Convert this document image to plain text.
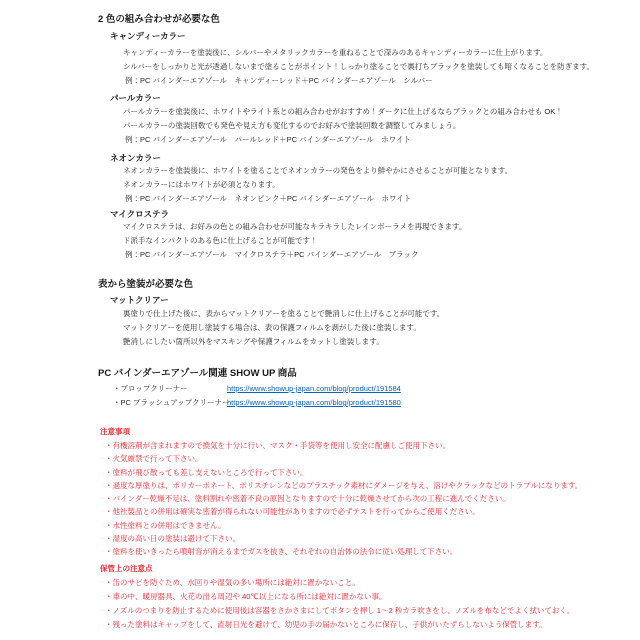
2 色の組み合わせが必要な色
キャンディーカラー
キャンディーカラーを塗装後に、シルバーやメタリックカラーを重ねることで深みのあるキャンディーカラーに仕上がります。
シルバーをしっかりと光が透過しないまで塗ることがポイント！しっかり塗ることで裏打ちブラックを塗装しても暗くなることを防ぎます。
例：PC バインダーエアゾール　キャンディーレッド＋PC バインダーエアゾール　シルバー
パールカラー
パールカラーを塗装後に、ホワイトやライト系との組み合わせがおすすめ！ダークに仕上げるならブラックとの組み合わせも OK！
パールカラーの塗装回数でも発色や見え方も変化するのでお好みで塗装回数を調整してみましょう。
例：PC バインダーエアゾール　パールレッド＋PC バインダーエアゾール　ホワイト
ネオンカラー
ネオンカラーを塗装後に、ホワイトを塗ることでネオンカラーの発色をより鮮やかにさせることが可能となります。
ネオンカラーにはホワイトが必須となります。
例：PC バインダーエアゾール　ネオンピンク＋PC バインダーエアゾール　ホワイト
マイクロステラ
マイクロステラは、お好みの色との組み合わせが可能なキラキラしたレインボーラメを再現できます。
ド派手なインパクトのある色に仕上げることが可能です！
例：PC バインダーエアゾール　マイクロステラ＋PC バインダーエアゾール　ブラック
表から塗装が必要な色
マットクリアー
裏塗りで仕上げた後に、表からマットクリアーを塗ることで艶消しに仕上げることが可能です。
マットクリアーを使用し塗装する場合は、表の保護フィルムを剥がした後に塗装します。
艶消しにしたい箇所以外をマスキングや保護フィルムをカットし塗装します。
PC バインダーエアゾール関連 SHOW UP 商品
・ブロップクリーナー	https://www.showup-japan.com/blog/product/191584
・PC ブラッシュアップクリーナーhttps://www.showup-japan.com/blog/product/191580
注意事項
・有機溶剤が含まれますので換気を十分に行い、マスク・手袋等を使用し安全に配慮しご使用下さい。
・火気厳禁で行って下さい。
・塗料が飛び散っても差し支えないところで行って下さい。
・過度な厚塗りは、ポリカーボネート、ポリスチレンなどのプラスチック素材にダメージを与え、溶けやクラックなどのトラブルになります。
・バインダー乾燥不足は、塗料割れや密着不良の原因となりますので十分に乾燥させてから次の工程に進んでください。
・他社製品との併用は確実な密着が得られない可能性がありますので必ずテストを行ってからご使用ください。
・水性塗料との併用はできません。
・湿度の高い日の塗装は避けて下さい。
・塗料を使いきったら噴射音が消えるまでガスを抜き、それぞれの自治体の法令に従い処理して下さい。
保管上の注意点
・缶のサビを防ぐため、水回りや湿気の多い場所には絶対に置かないこと。
・車の中、暖房器具、火花の出る周辺や 40℃以上になる所には絶対に置かない事。
・ノズルのつまりを防止するために使用後は容器をさかさまにしてボタンを押し 1～2 秒カラ吹きをし、ノズルを布などでよく拭いておく。
・残った塗料はキャップをして、直射日光を避けて、幼児の手の届かないところに保存し、子供がいたずらしないよう保管します。
